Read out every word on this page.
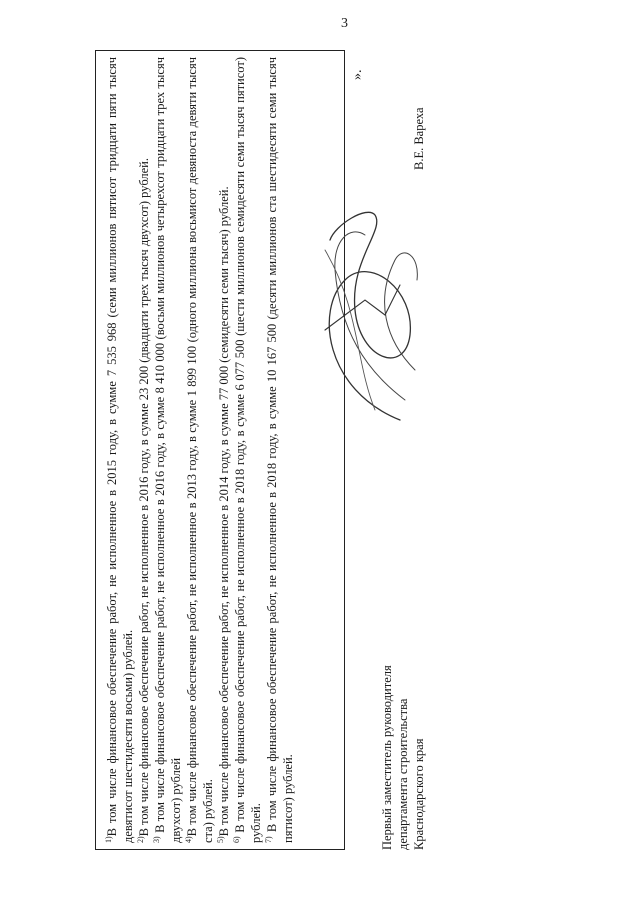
3

$^{1)}$В том числе финансовое обеспечение работ, не исполненное в 2015 году, в сумме 7 535 968 (семи миллионов пятисот тридцати пяти тысяч девятисот шестидесяти восьми) рублей. $^{2)}$В том числе финансовое обеспечение работ, не исполненное в 2016 году, в сумме 23 200 (двадцати трех тысяч двухсот) рублей.

$^{3)}$ В том числе финансовое обеспечение работ, не исполненное в 2016 году, в сумме 8 410 000 (восьми миллионов четырехсот тридцати трех тысяч двухсот) рублей $^{4)}$В том числе финансовое обеспечение работ, не исполненное в 2013 году, в сумме 1 899 100 (одного миллиона восьмисот девяноста девяти тысяч ста) рублей. $^{5)}$В том числе финансовое обеспечение работ, не исполненное в 2014 году, в сумме 77 000 (семидесяти семи тысяч) рублей.

$^{6)}$ В том числе финансовое обеспечение работ, не исполненное в 2018 году, в сумме 6 077 500 (шести миллионов семидесяти семи тысяч пятисот) рублей. $^{7)}$ В том числе финансовое обеспечение работ, не исполненное в 2018 году, в сумме 10 167 500 (десяти миллионов ста шестидесяти семи тысяч пятисот) рублей.

».
Первый заместитель руководителя департамента строительства Краснодарского края
В.Е. Вареха
